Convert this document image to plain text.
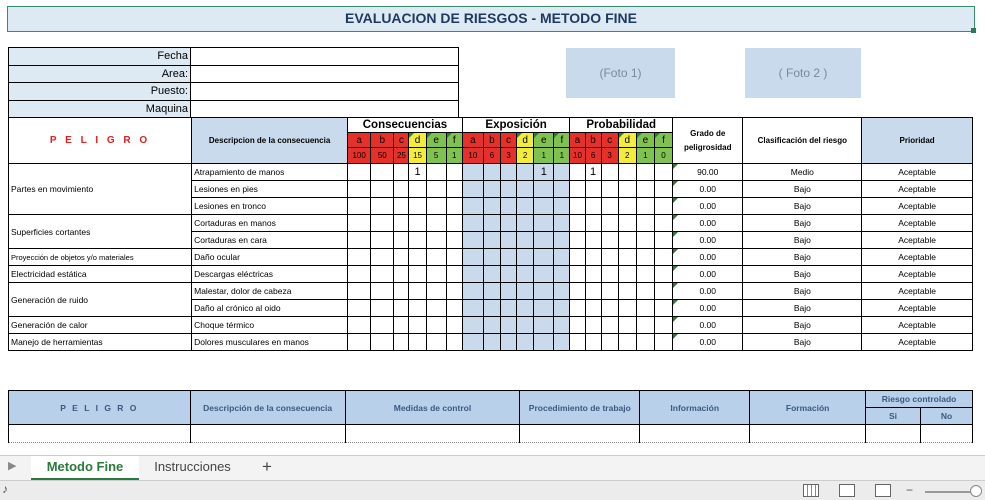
EVALUACION DE RIESGOS - METODO FINE
Fecha	
Area:	
Puesto:	
Maquina	
(Foto 1)	( Foto 2 )
P E L I G R O	Descripcion de la consecuencia	Consecuencias						Exposición						Probabilidad						Grado de peligrosidad	Clasificación del riesgo	Prioridad
		a	b	c	d	e	f	a	b	c	d	e	f	a	b	c	d	e	f			
		100	50	25	15	5	1	10	6	3	2	1	1	10	6	3	2	1	0			
Partes en movimiento	Atrapamiento de manos				1							1			1					90.00	Medio	Aceptable
	Lesiones en pies																			0.00	Bajo	Aceptable
	Lesiones en tronco																			0.00	Bajo	Aceptable
Superficies cortantes	Cortaduras en manos																			0.00	Bajo	Aceptable
	Cortaduras en cara																			0.00	Bajo	Aceptable
Proyección de objetos y/o materiales	Daño ocular																			0.00	Bajo	Aceptable
Electricidad estática	Descargas eléctricas																			0.00	Bajo	Aceptable
Generación de ruido	Malestar, dolor de cabeza																			0.00	Bajo	Aceptable
	Daño al crónico al oido																			0.00	Bajo	Aceptable
Generación de calor	Choque térmico																			0.00	Bajo	Aceptable
Manejo de herramientas	Dolores musculares en manos																			0.00	Bajo	Aceptable
P E L I G R O	Descripción de la consecuencia	Medidas de control	Procedimiento de trabajo	Información	Formación	Riesgo controlado	
						Si	No

▶	Metodo Fine	Instrucciones	+
♪	−
